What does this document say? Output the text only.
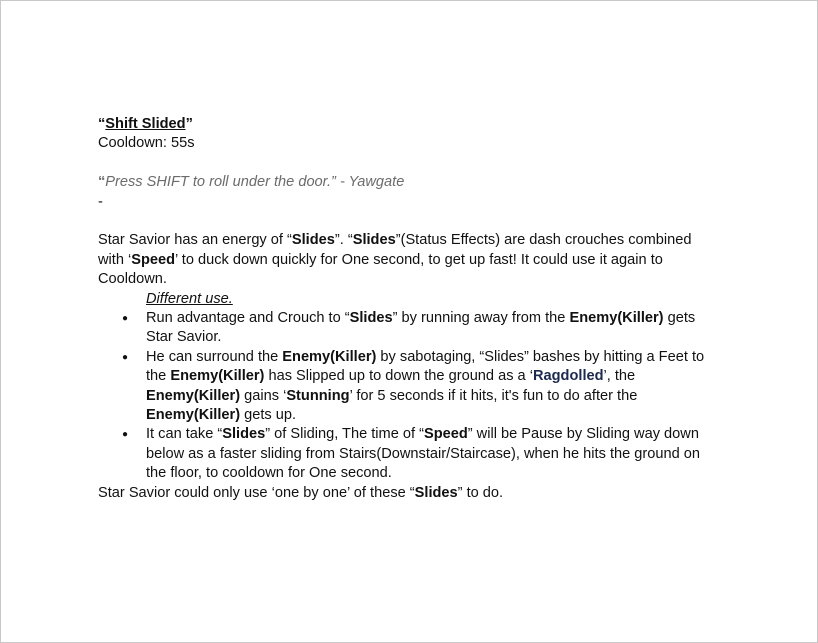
“Shift Slided”
Cooldown: 55s
“Press SHIFT to roll under the door.” - Yawgate
-
Star Savior has an energy of “Slides”. “Slides”(Status Effects) are dash crouches combined with ‘Speed’ to duck down quickly for One second, to get up fast! It could use it again to Cooldown.
Different use.
● Run advantage and Crouch to “Slides” by running away from the Enemy(Killer) gets Star Savior.
● He can surround the Enemy(Killer) by sabotaging, “Slides” bashes by hitting a Feet to the Enemy(Killer) has Slipped up to down the ground as a ‘Ragdolled’, the Enemy(Killer) gains ‘Stunning’ for 5 seconds if it hits, it's fun to do after the Enemy(Killer) gets up.
● It can take “Slides” of Sliding, The time of “Speed” will be Pause by Sliding way down below as a faster sliding from Stairs(Downstair/Staircase), when he hits the ground on the floor, to cooldown for One second.
Star Savior could only use ‘one by one’ of these “Slides” to do.
